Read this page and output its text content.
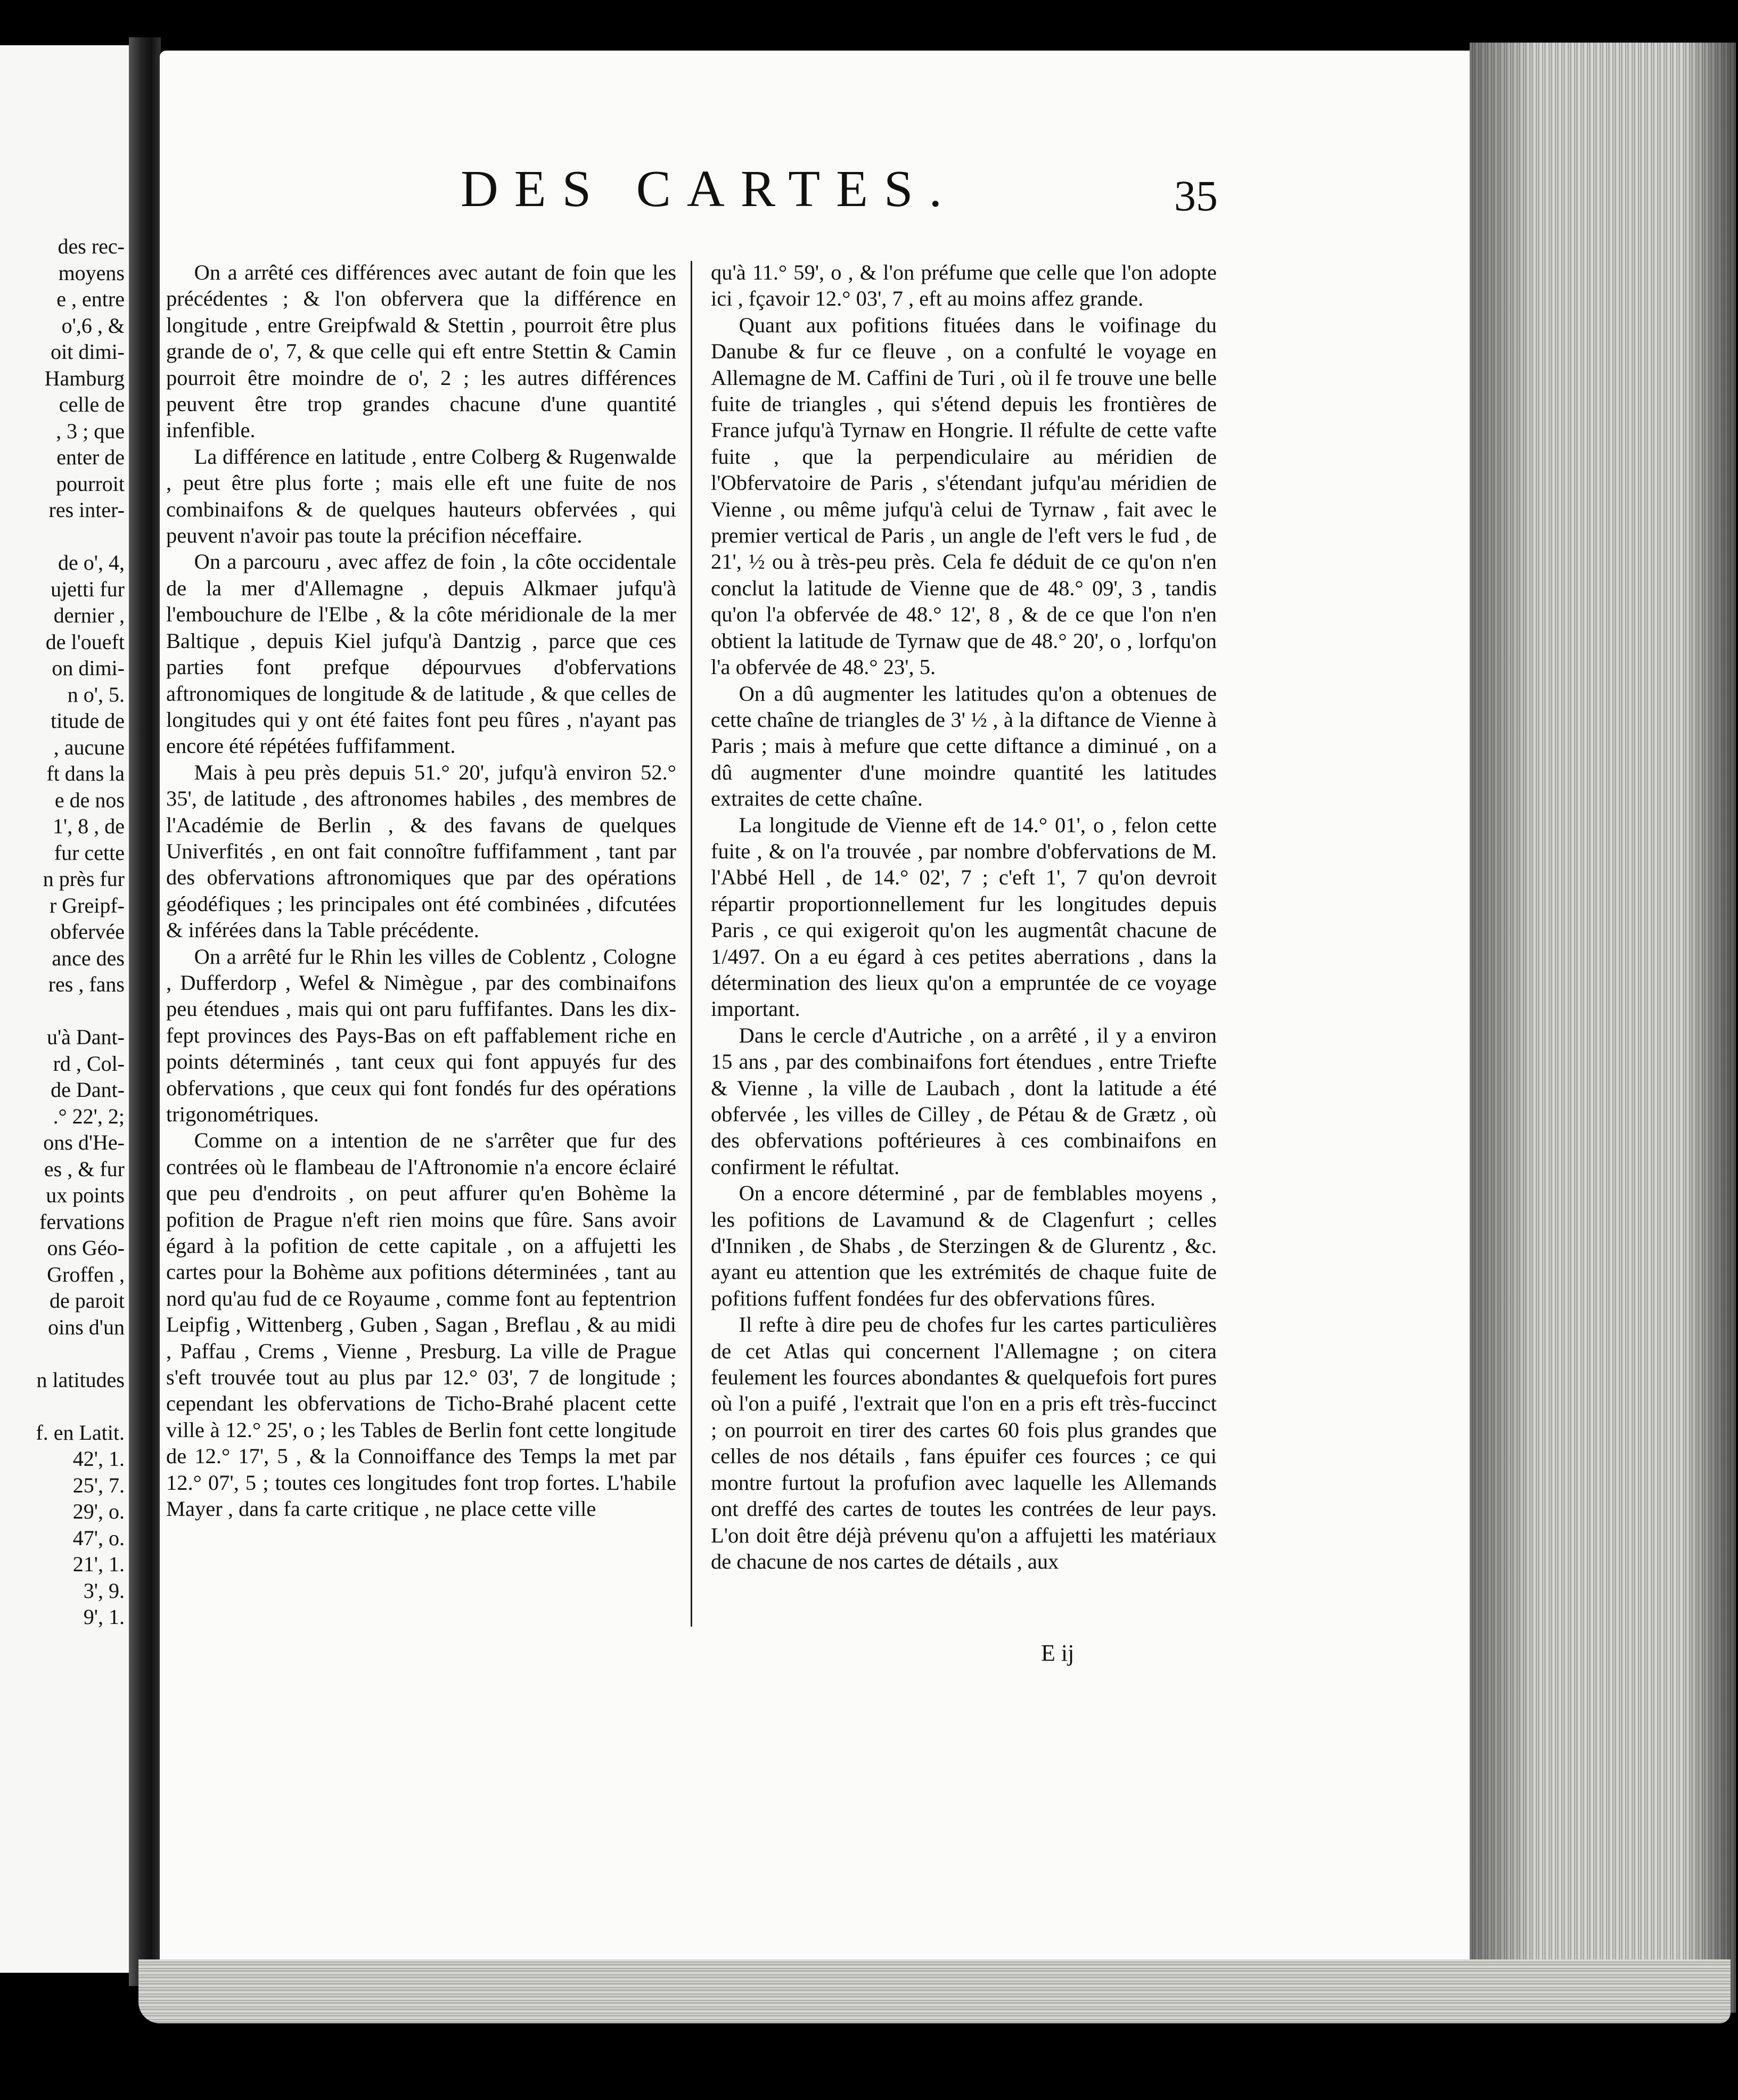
des rec-
moyens
e , entre
o',6 , &
oit dimi-
Hamburg
celle de
, 3 ; que
enter de
pourroit
res inter-
de o', 4,
ujetti fur
dernier ,
de l'oueft
on dimi-
n o', 5.
titude de
, aucune
ft dans la
e de nos
1', 8 , de
fur cette
n près fur
r Greipf-
obfervée
ance des
res , fans
u'à Dant-
rd , Col-
de Dant-
.° 22', 2;
ons d'He-
es , & fur
ux points
fervations
ons Géo-
Groffen ,
de paroit
oins d'un
n latitudes
f. en Latit.
42', 1.
25', 7.
29', o.
47', o.
21', 1.
3', 9.
9', 1.
DES CARTES.	35

On a arrêté ces différences avec autant de foin que les précédentes ; & l'on obfervera que la différence en longitude , entre Greipfwald & Stettin , pourroit être plus grande de o', 7, & que celle qui eft entre Stettin & Camin pourroit être moindre de o', 2 ; les autres différences peuvent être trop grandes chacune d'une quantité infenfible.

La différence en latitude , entre Colberg & Rugenwalde , peut être plus forte ; mais elle eft une fuite de nos combinaifons & de quelques hauteurs obfervées , qui peuvent n'avoir pas toute la précifion néceffaire.

On a parcouru , avec affez de foin , la côte occidentale de la mer d'Allemagne , depuis Alkmaer jufqu'à l'embouchure de l'Elbe , & la côte méridionale de la mer Baltique , depuis Kiel jufqu'à Dantzig , parce que ces parties font prefque dépourvues d'obfervations aftronomiques de longitude & de latitude , & que celles de longitudes qui y ont été faites font peu fûres , n'ayant pas encore été répétées fuffifamment.

Mais à peu près depuis 51.° 20', jufqu'à environ 52.° 35', de latitude , des aftronomes habiles , des membres de l'Académie de Berlin , & des favans de quelques Univerfités , en ont fait connoître fuffifamment , tant par des obfervations aftronomiques que par des opérations géodéfiques ; les principales ont été combinées , difcutées & inférées dans la Table précédente.

On a arrêté fur le Rhin les villes de Coblentz , Cologne , Dufferdorp , Wefel & Nimègue , par des combinaifons peu étendues , mais qui ont paru fuffifantes. Dans les dix-fept provinces des Pays-Bas on eft paffablement riche en points déterminés , tant ceux qui font appuyés fur des obfervations , que ceux qui font fondés fur des opérations trigonométriques.

Comme on a intention de ne s'arrêter que fur des contrées où le flambeau de l'Aftronomie n'a encore éclairé que peu d'endroits , on peut affurer qu'en Bohème la pofition de Prague n'eft rien moins que fûre. Sans avoir égard à la pofition de cette capitale , on a affujetti les cartes pour la Bohème aux pofitions déterminées , tant au nord qu'au fud de ce Royaume , comme font au feptentrion Leipfig , Wittenberg , Guben , Sagan , Breflau , & au midi , Paffau , Crems , Vienne , Presburg. La ville de Prague s'eft trouvée tout au plus par 12.° 03', 7 de longitude ; cependant les obfervations de Ticho-Brahé placent cette ville à 12.° 25', o ; les Tables de Berlin font cette longitude de 12.° 17', 5 , & la Connoiffance des Temps la met par 12.° 07', 5 ; toutes ces longitudes font trop fortes. L'habile Mayer , dans fa carte critique , ne place cette ville

qu'à 11.° 59', o , & l'on préfume que celle que l'on adopte ici , fçavoir 12.° 03', 7 , eft au moins affez grande.

Quant aux pofitions fituées dans le voifinage du Danube & fur ce fleuve , on a confulté le voyage en Allemagne de M. Caffini de Turi , où il fe trouve une belle fuite de triangles , qui s'étend depuis les frontières de France jufqu'à Tyrnaw en Hongrie. Il réfulte de cette vafte fuite , que la perpendiculaire au méridien de l'Obfervatoire de Paris , s'étendant jufqu'au méridien de Vienne , ou même jufqu'à celui de Tyrnaw , fait avec le premier vertical de Paris , un angle de l'eft vers le fud , de 21', ½ ou à très-peu près. Cela fe déduit de ce qu'on n'en conclut la latitude de Vienne que de 48.° 09', 3 , tandis qu'on l'a obfervée de 48.° 12', 8 , & de ce que l'on n'en obtient la latitude de Tyrnaw que de 48.° 20', o , lorfqu'on l'a obfervée de 48.° 23', 5.

On a dû augmenter les latitudes qu'on a obtenues de cette chaîne de triangles de 3' ½ , à la diftance de Vienne à Paris ; mais à mefure que cette diftance a diminué , on a dû augmenter d'une moindre quantité les latitudes extraites de cette chaîne.

La longitude de Vienne eft de 14.° 01', o , felon cette fuite , & on l'a trouvée , par nombre d'obfervations de M. l'Abbé Hell , de 14.° 02', 7 ; c'eft 1', 7 qu'on devroit répartir proportionnellement fur les longitudes depuis Paris , ce qui exigeroit qu'on les augmentât chacune de 1/497. On a eu égard à ces petites aberrations , dans la détermination des lieux qu'on a empruntée de ce voyage important.

Dans le cercle d'Autriche , on a arrêté , il y a environ 15 ans , par des combinaifons fort étendues , entre Triefte & Vienne , la ville de Laubach , dont la latitude a été obfervée , les villes de Cilley , de Pétau & de Grætz , où des obfervations poftérieures à ces combinaifons en confirment le réfultat.

On a encore déterminé , par de femblables moyens , les pofitions de Lavamund & de Clagenfurt ; celles d'Inniken , de Shabs , de Sterzingen & de Glurentz , &c. ayant eu attention que les extrémités de chaque fuite de pofitions fuffent fondées fur des obfervations fûres.

Il refte à dire peu de chofes fur les cartes particulières de cet Atlas qui concernent l'Allemagne ; on citera feulement les fources abondantes & quelquefois fort pures où l'on a puifé , l'extrait que l'on en a pris eft très-fuccinct ; on pourroit en tirer des cartes 60 fois plus grandes que celles de nos détails , fans épuifer ces fources ; ce qui montre furtout la profufion avec laquelle les Allemands ont dreffé des cartes de toutes les contrées de leur pays. L'on doit être déjà prévenu qu'on a affujetti les matériaux de chacune de nos cartes de détails , aux

E ij
